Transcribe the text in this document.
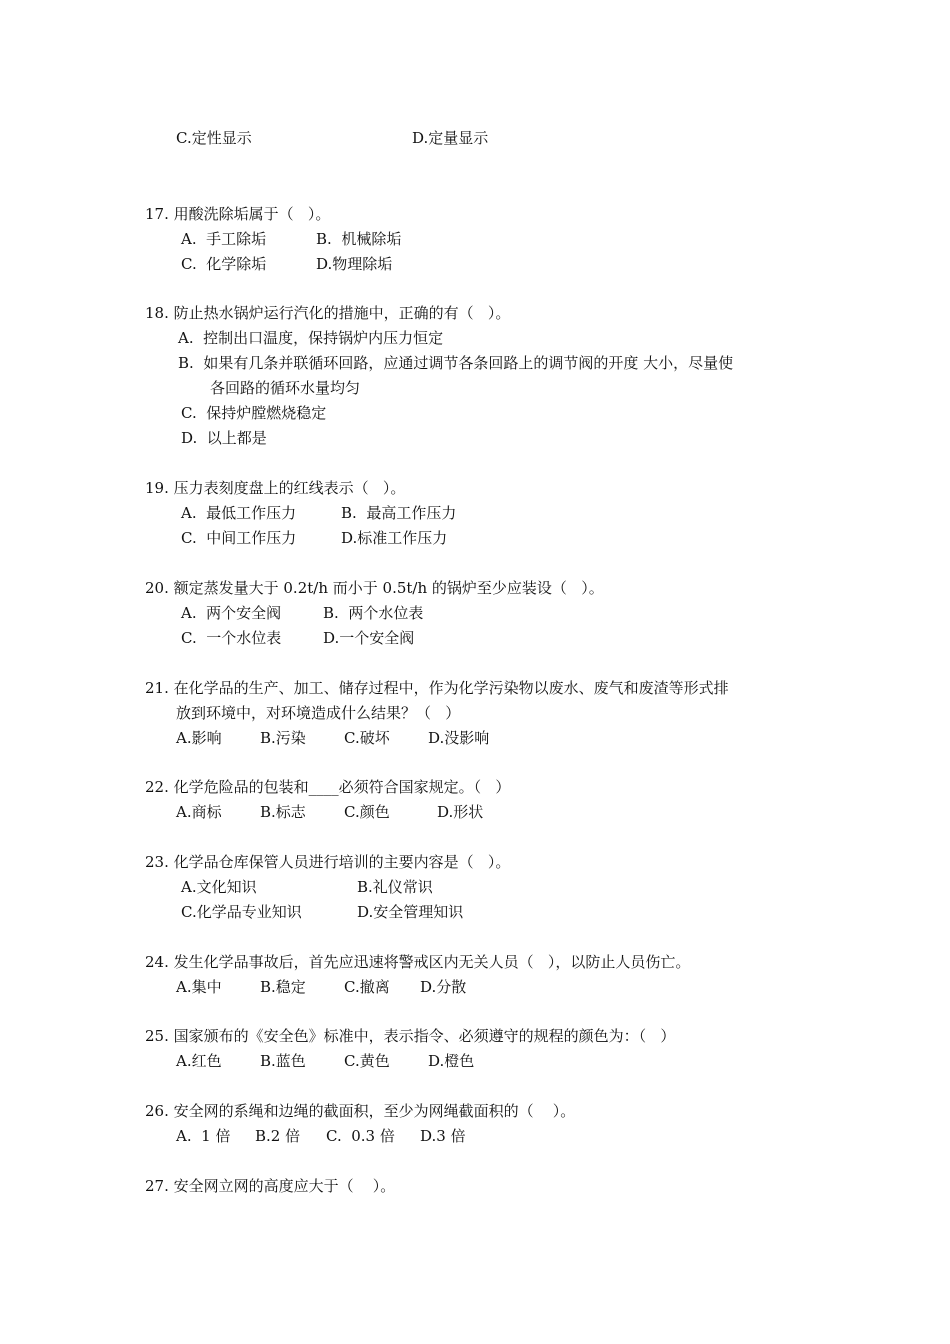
C.定性显示	D.定量显示
17. 用酸洗除垢属于（   ）。
A.  手工除垢	B.  机械除垢
C.  化学除垢	D.物理除垢
18. 防止热水锅炉运行汽化的措施中，正确的有（   ）。
A.  控制出口温度，保持锅炉内压力恒定
B.  如果有几条并联循环回路，应通过调节各条回路上的调节阀的开度 大小，尽量使
各回路的循环水量均匀
C.  保持炉膛燃烧稳定
D.  以上都是
19. 压力表刻度盘上的红线表示（   ）。
A.  最低工作压力	B.  最高工作压力
C.  中间工作压力	D.标准工作压力
20. 额定蒸发量大于 0.2t/h 而小于 0.5t/h 的锅炉至少应装设（   ）。
A.  两个安全阀	B.  两个水位表
C.  一个水位表	D.一个安全阀
21. 在化学品的生产、加工、储存过程中，作为化学污染物以废水、废气和废渣等形式排
放到环境中，对环境造成什么结果？（   ）
A.影响	B.污染	C.破坏	D.没影响
22. 化学危险品的包装和____必须符合国家规定。（   ）
A.商标	B.标志	C.颜色	D.形状
23. 化学品仓库保管人员进行培训的主要内容是（   ）。
A.文化知识	B.礼仪常识
C.化学品专业知识	D.安全管理知识
24. 发生化学品事故后，首先应迅速将警戒区内无关人员（   ），以防止人员伤亡。
A.集中	B.稳定	C.撤离 D.分散
25. 国家颁布的《安全色》标准中，表示指令、必须遵守的规程的颜色为：（   ）
A.红色	B.蓝色	C.黄色	D.橙色
26. 安全网的系绳和边绳的截面积，至少为网绳截面积的（    ）。
A.  1 倍 B.2 倍 C.  0.3 倍 D.3 倍
27. 安全网立网的高度应大于（    ）。
